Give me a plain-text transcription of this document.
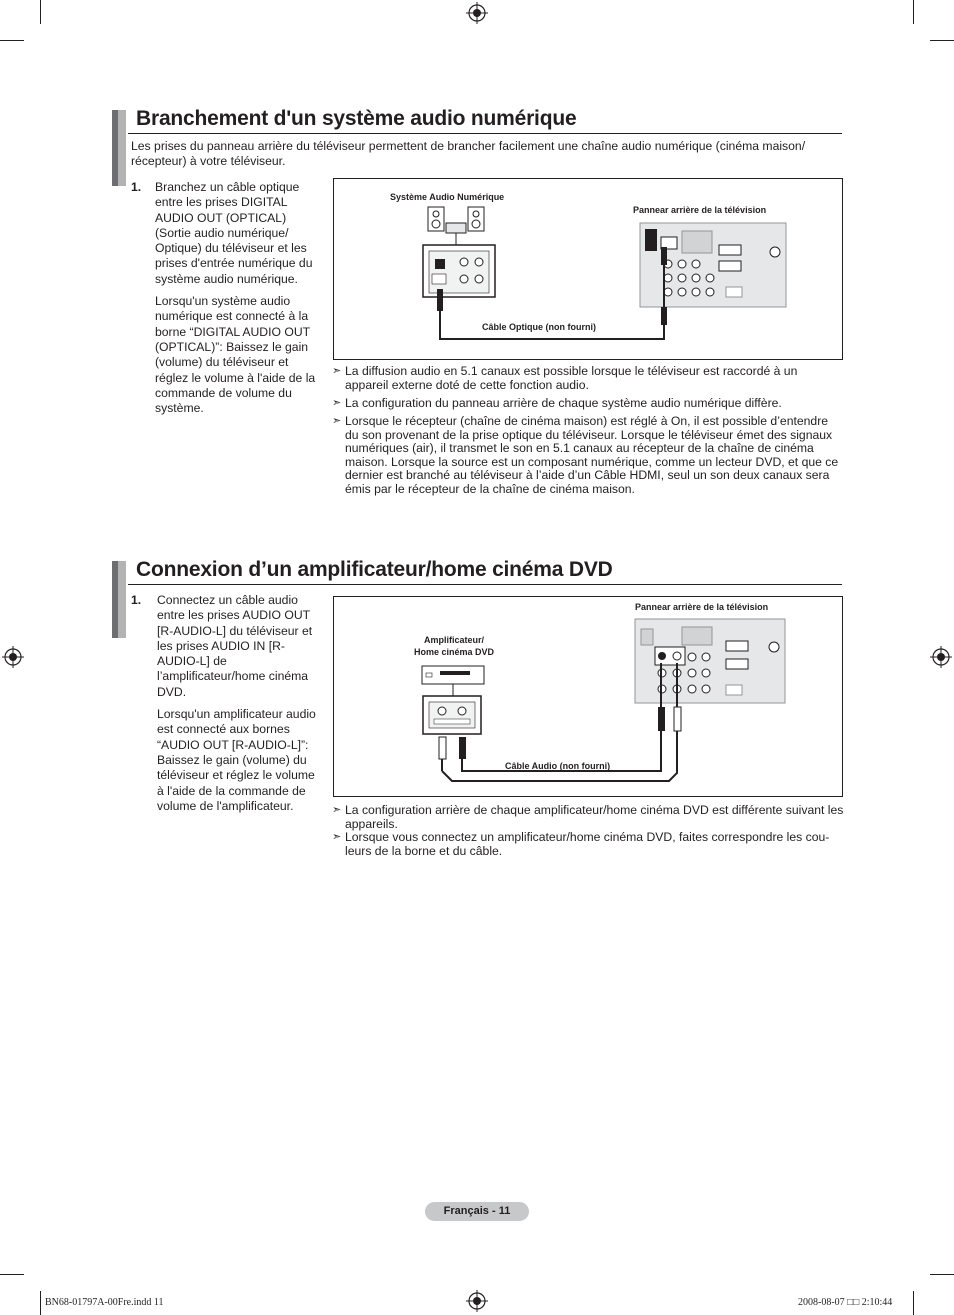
Branchement d'un système audio numérique
Les prises du panneau arrière du téléviseur permettent de brancher facilement une chaîne audio numérique (cinéma maison/ récepteur) à votre téléviseur.
1. Branchez un câble optique entre les prises DIGITAL AUDIO OUT (OPTICAL) (Sortie audio numérique/ Optique) du téléviseur et les prises d'entrée numérique du système audio numérique.

Lorsqu'un système audio numérique est connecté à la borne “DIGITAL AUDIO OUT (OPTICAL)”: Baissez le gain (volume) du téléviseur et réglez le volume à l'aide de la commande de volume du système.

Système Audio Numérique
Pannear arrière de la télévision
Câble Optique (non fourni)
➣ La diffusion audio en 5.1 canaux est possible lorsque le téléviseur est raccordé à un appareil externe doté de cette fonction audio.
➣ La configuration du panneau arrière de chaque système audio numérique diffère.
➣ Lorsque le récepteur (chaîne de cinéma maison) est réglé à On, il est possible d’entendre du son provenant de la prise optique du téléviseur. Lorsque le téléviseur émet des signaux numériques (air), il transmet le son en 5.1 canaux au récepteur de la chaîne de cinéma maison. Lorsque la source est un composant numérique, comme un lecteur DVD, et que ce dernier est branché au téléviseur à l’aide d’un Câble HDMI, seul un son deux canaux sera émis par le récepteur de la chaîne de cinéma maison.
Connexion d’un amplificateur/home cinéma DVD
1. Connectez un câble audio entre les prises AUDIO OUT [R-AUDIO-L] du téléviseur et les prises AUDIO IN [R-AUDIO-L] de l’amplificateur/home cinéma DVD.

Lorsqu'un amplificateur audio est connecté aux bornes “AUDIO OUT [R-AUDIO-L]”: Baissez le gain (volume) du téléviseur et réglez le volume à l'aide de la commande de volume de l'amplificateur.

Pannear arrière de la télévision
Amplificateur/
Home cinéma DVD
Câble Audio (non fourni)
➣ La configuration arrière de chaque amplificateur/home cinéma DVD est différente suivant les appareils.
➣ Lorsque vous connectez un amplificateur/home cinéma DVD, faites correspondre les cou- leurs de la borne et du câble.
Français - 11
BN68-01797A-00Fre.indd 11	2008-08-07 □□ 2:10:44
